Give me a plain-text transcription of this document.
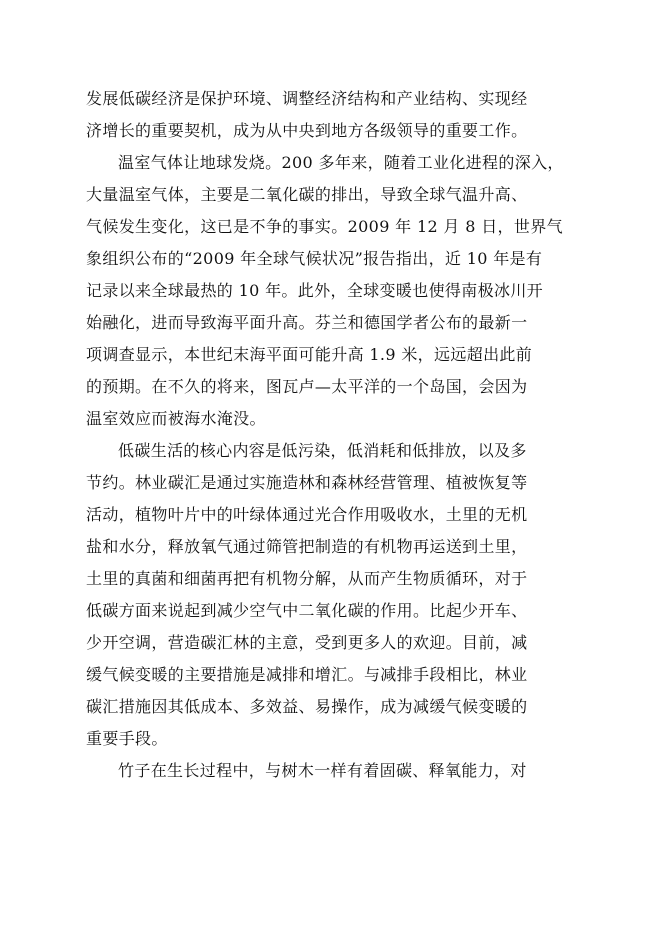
发展低碳经济是保护环境、调整经济结构和产业结构、实现经
济增长的重要契机，成为从中央到地方各级领导的重要工作。
温室气体让地球发烧。200 多年来，随着工业化进程的深入，
大量温室气体，主要是二氧化碳的排出，导致全球气温升高、
气候发生变化，这已是不争的事实。2009 年 12 月 8 日，世界气
象组织公布的“2009 年全球气候状况”报告指出，近 10 年是有
记录以来全球最热的 10 年。此外，全球变暖也使得南极冰川开
始融化，进而导致海平面升高。芬兰和德国学者公布的最新一
项调查显示，本世纪末海平面可能升高 1.9 米，远远超出此前
的预期。在不久的将来，图瓦卢—太平洋的一个岛国，会因为
温室效应而被海水淹没。
低碳生活的核心内容是低污染，低消耗和低排放，以及多
节约。林业碳汇是通过实施造林和森林经营管理、植被恢复等
活动，植物叶片中的叶绿体通过光合作用吸收水，土里的无机
盐和水分，释放氧气通过筛管把制造的有机物再运送到土里，
土里的真菌和细菌再把有机物分解，从而产生物质循环，对于
低碳方面来说起到减少空气中二氧化碳的作用。比起少开车、
少开空调，营造碳汇林的主意，受到更多人的欢迎。目前，减
缓气候变暖的主要措施是减排和增汇。与减排手段相比，林业
碳汇措施因其低成本、多效益、易操作，成为减缓气候变暖的
重要手段。
竹子在生长过程中，与树木一样有着固碳、释氧能力，对
